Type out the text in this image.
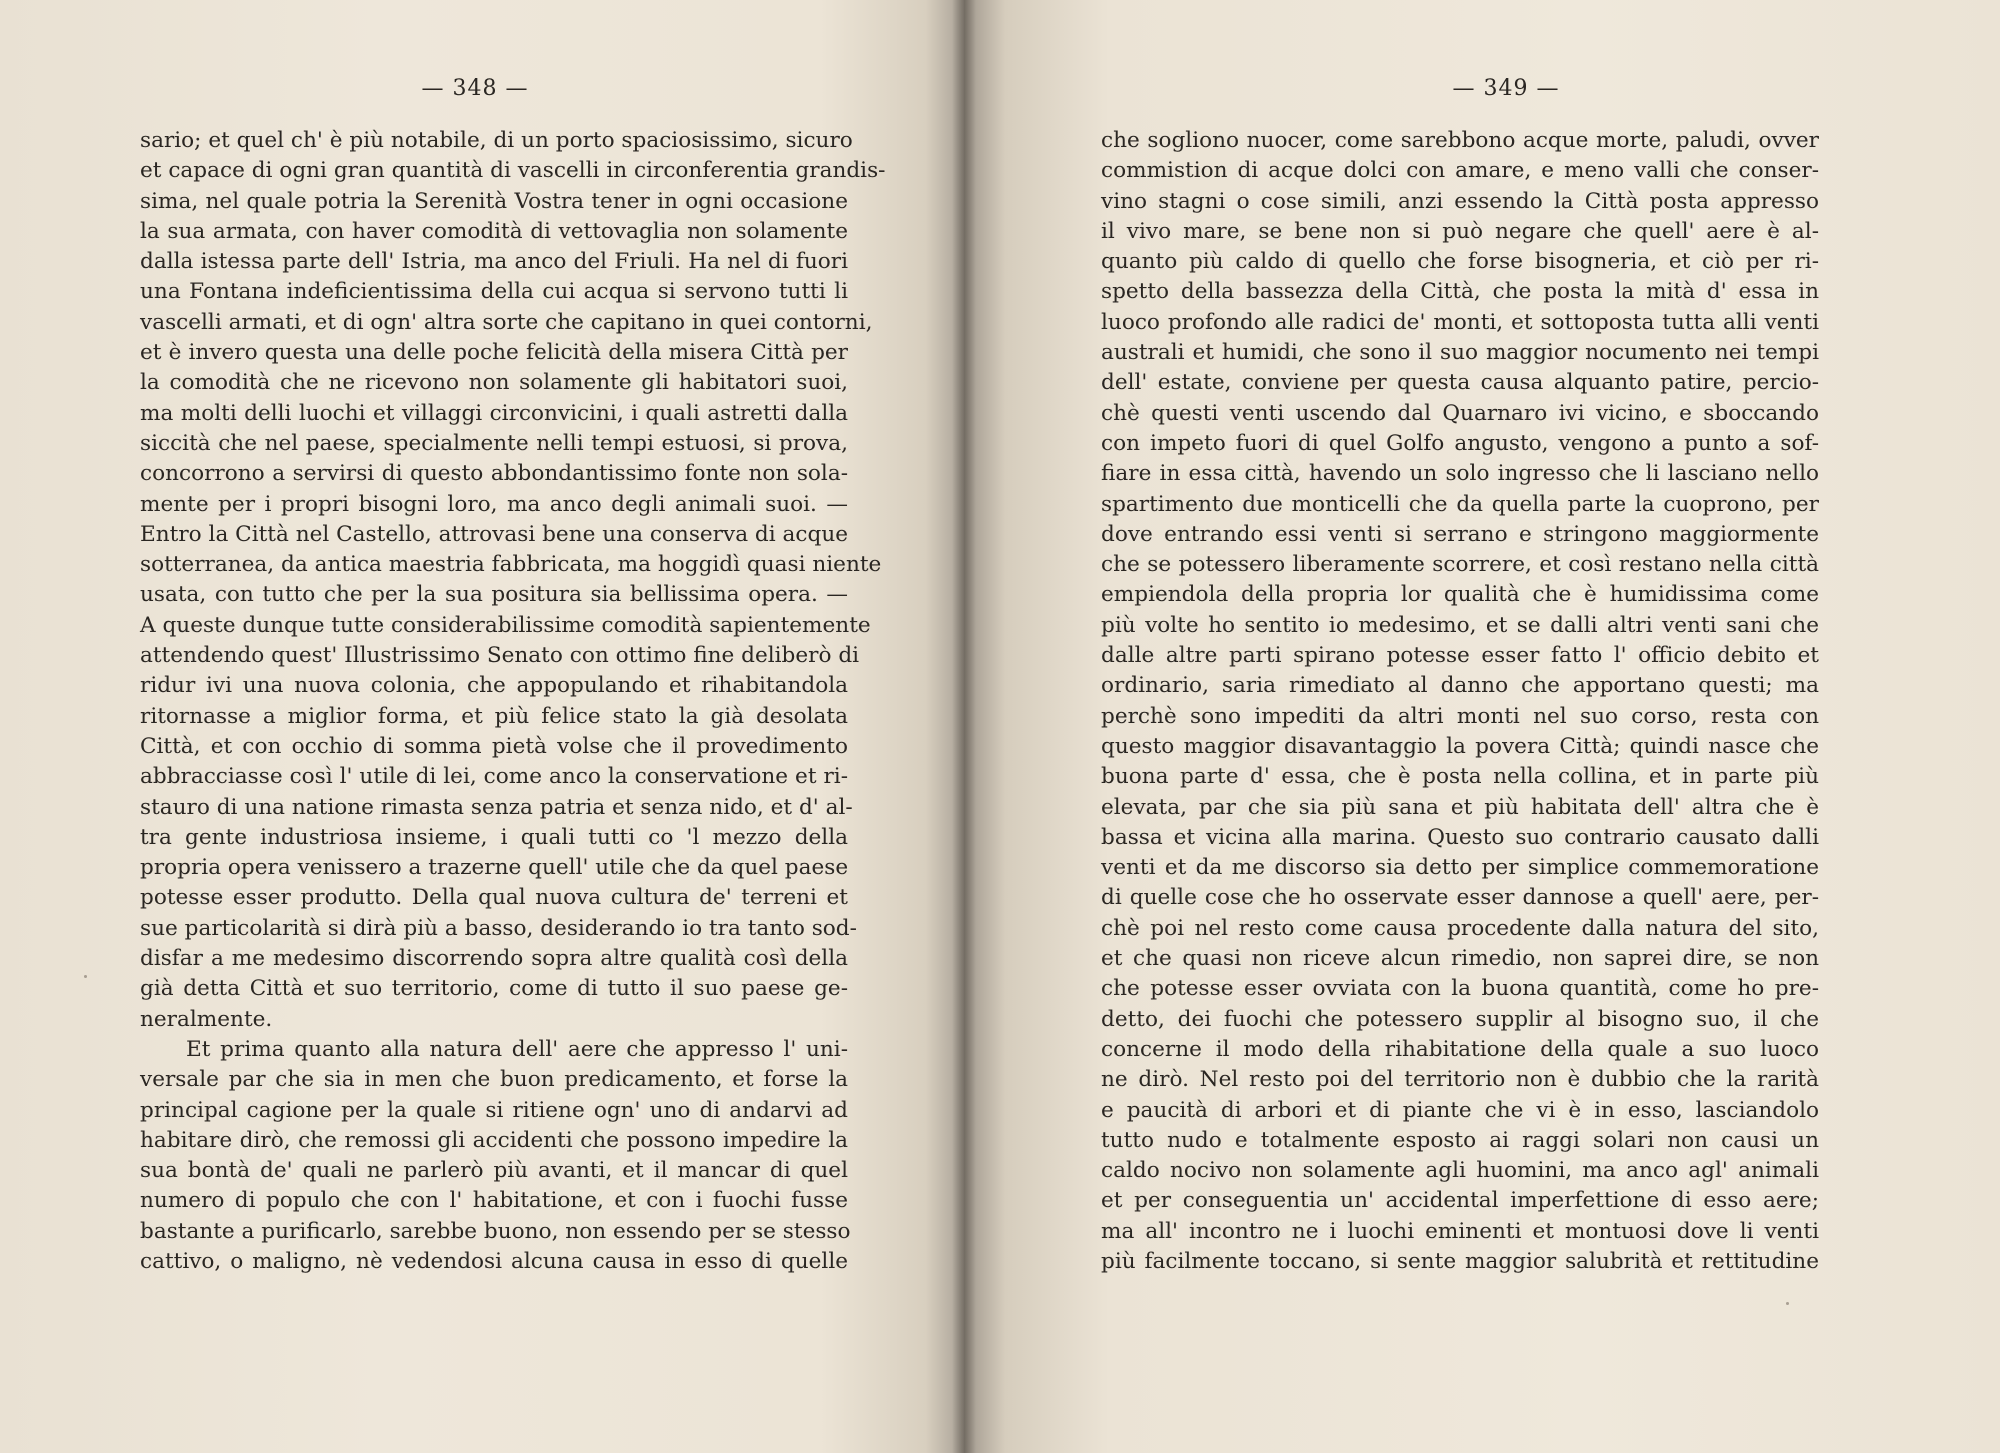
— 348 —
sario; et quel ch' è più notabile, di un porto spaciosissimo, sicuro
et capace di ogni gran quantità di vascelli in circonferentia grandis-
sima, nel quale potria la Serenità Vostra tener in ogni occasione
la sua armata, con haver comodità di vettovaglia non solamente
dalla istessa parte dell' Istria, ma anco del Friuli. Ha nel di fuori
una Fontana indeficientissima della cui acqua si servono tutti li
vascelli armati, et di ogn' altra sorte che capitano in quei contorni,
et è invero questa una delle poche felicità della misera Città per
la comodità che ne ricevono non solamente gli habitatori suoi,
ma molti delli luochi et villaggi circonvicini, i quali astretti dalla
siccità che nel paese, specialmente nelli tempi estuosi, si prova,
concorrono a servirsi di questo abbondantissimo fonte non sola-
mente per i propri bisogni loro, ma anco degli animali suoi. —
Entro la Città nel Castello, attrovasi bene una conserva di acque
sotterranea, da antica maestria fabbricata, ma hoggidì quasi niente
usata, con tutto che per la sua positura sia bellissima opera. —
A queste dunque tutte considerabilissime comodità sapientemente
attendendo quest' Illustrissimo Senato con ottimo fine deliberò di
ridur ivi una nuova colonia, che appopulando et rihabitandola
ritornasse a miglior forma, et più felice stato la già desolata
Città, et con occhio di somma pietà volse che il provedimento
abbracciasse così l' utile di lei, come anco la conservatione et ri-
stauro di una natione rimasta senza patria et senza nido, et d' al-
tra gente industriosa insieme, i quali tutti co 'l mezzo della
propria opera venissero a trazerne quell' utile che da quel paese
potesse esser produtto. Della qual nuova cultura de' terreni et
sue particolarità si dirà più a basso, desiderando io tra tanto sod-
disfar a me medesimo discorrendo sopra altre qualità così della
già detta Città et suo territorio, come di tutto il suo paese ge-
neralmente.
Et prima quanto alla natura dell' aere che appresso l' uni-
versale par che sia in men che buon predicamento, et forse la
principal cagione per la quale si ritiene ogn' uno di andarvi ad
habitare dirò, che remossi gli accidenti che possono impedire la
sua bontà de' quali ne parlerò più avanti, et il mancar di quel
numero di populo che con l' habitatione, et con i fuochi fusse
bastante a purificarlo, sarebbe buono, non essendo per se stesso
cattivo, o maligno, nè vedendosi alcuna causa in esso di quelle
— 349 —
che sogliono nuocer, come sarebbono acque morte, paludi, ovver
commistion di acque dolci con amare, e meno valli che conser-
vino stagni o cose simili, anzi essendo la Città posta appresso
il vivo mare, se bene non si può negare che quell' aere è al-
quanto più caldo di quello che forse bisogneria, et ciò per ri-
spetto della bassezza della Città, che posta la mità d' essa in
luoco profondo alle radici de' monti, et sottoposta tutta alli venti
australi et humidi, che sono il suo maggior nocumento nei tempi
dell' estate, conviene per questa causa alquanto patire, percio-
chè questi venti uscendo dal Quarnaro ivi vicino, e sboccando
con impeto fuori di quel Golfo angusto, vengono a punto a sof-
fiare in essa città, havendo un solo ingresso che li lasciano nello
spartimento due monticelli che da quella parte la cuoprono, per
dove entrando essi venti si serrano e stringono maggiormente
che se potessero liberamente scorrere, et così restano nella città
empiendola della propria lor qualità che è humidissima come
più volte ho sentito io medesimo, et se dalli altri venti sani che
dalle altre parti spirano potesse esser fatto l' officio debito et
ordinario, saria rimediato al danno che apportano questi; ma
perchè sono impediti da altri monti nel suo corso, resta con
questo maggior disavantaggio la povera Città; quindi nasce che
buona parte d' essa, che è posta nella collina, et in parte più
elevata, par che sia più sana et più habitata dell' altra che è
bassa et vicina alla marina. Questo suo contrario causato dalli
venti et da me discorso sia detto per simplice commemoratione
di quelle cose che ho osservate esser dannose a quell' aere, per-
chè poi nel resto come causa procedente dalla natura del sito,
et che quasi non riceve alcun rimedio, non saprei dire, se non
che potesse esser ovviata con la buona quantità, come ho pre-
detto, dei fuochi che potessero supplir al bisogno suo, il che
concerne il modo della rihabitatione della quale a suo luoco
ne dirò. Nel resto poi del territorio non è dubbio che la rarità
e paucità di arbori et di piante che vi è in esso, lasciandolo
tutto nudo e totalmente esposto ai raggi solari non causi un
caldo nocivo non solamente agli huomini, ma anco agl' animali
et per conseguentia un' accidental imperfettione di esso aere;
ma all' incontro ne i luochi eminenti et montuosi dove li venti
più facilmente toccano, si sente maggior salubrità et rettitudine
